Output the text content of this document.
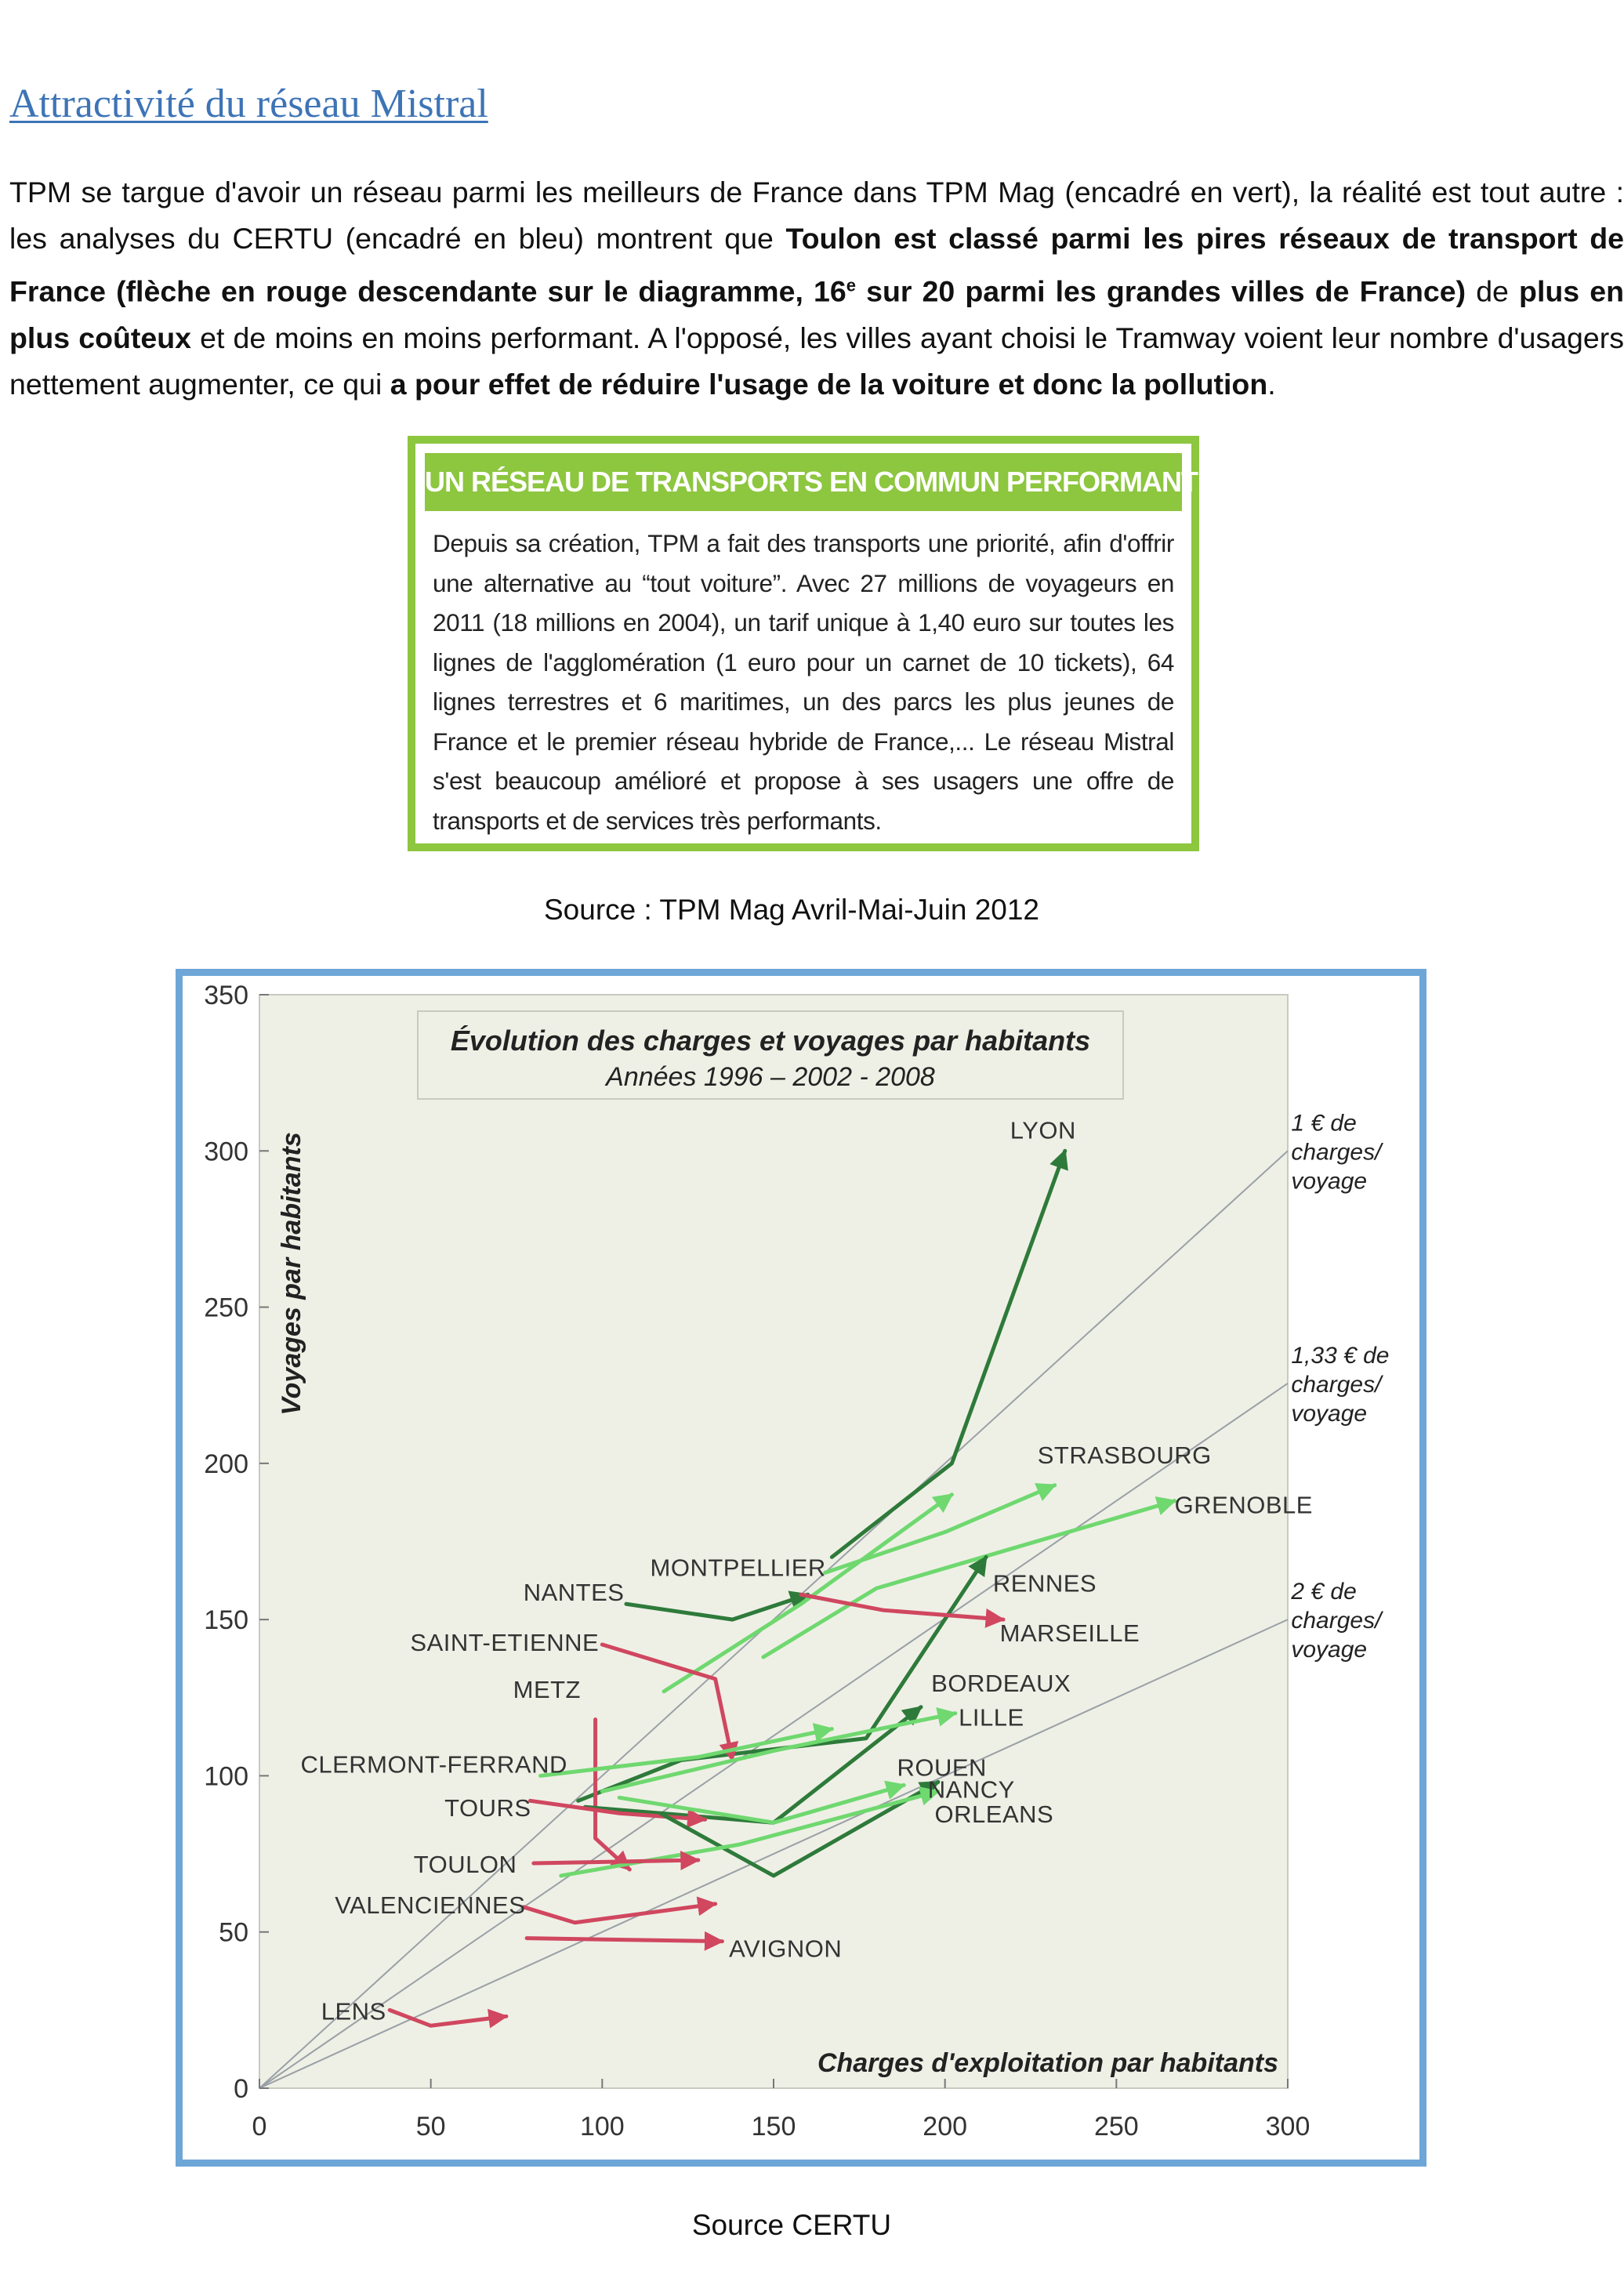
Attractivité du réseau Mistral

TPM se targue d'avoir un réseau parmi les meilleurs de France dans TPM Mag (encadré en vert), la réalité est tout autre : les analyses du CERTU (encadré en bleu) montrent que Toulon est classé parmi les pires réseaux de transport de France (flèche en rouge descendante sur le diagramme, 16e sur 20 parmi les grandes villes de France) de plus en plus coûteux et de moins en moins performant. A l'opposé, les villes ayant choisi le Tramway voient leur nombre d'usagers nettement augmenter, ce qui a pour effet de réduire l'usage de la voiture et donc la pollution.

UN RÉSEAU DE TRANSPORTS EN COMMUN PERFORMANT
Depuis sa création, TPM a fait des transports une priorité, afin d'offrir une alternative au “tout voiture”. Avec 27 millions de voyageurs en 2011 (18 millions en 2004), un tarif unique à 1,40 euro sur toutes les lignes de l'agglomération (1 euro pour un carnet de 10 tickets), 64 lignes terrestres et 6 maritimes, un des parcs les plus jeunes de France et le premier réseau hybride de France,... Le réseau Mistral s'est beaucoup amélioré et propose à ses usagers une offre de transports et de services très performants.

Source : TPM Mag Avril-Mai-Juin 2012

0	50	100	150	200	250	300
0
50
100
150
200
250
300
350
Charges d'exploitation par habitants
Voyages par habitants
Évolution des charges et voyages par habitants
Années 1996 – 2002 - 2008
LYON
STRASBOURG
GRENOBLE
MONTPELLIER
NANTES	RENNES
MARSEILLE
SAINT-ETIENNE
METZ	BORDEAUX
LILLE
CLERMONT-FERRAND	ROUEN
NANCY
TOURS	ORLEANS
TOULON
VALENCIENNES
AVIGNON
LENS
1 € de charges/ voyage
1,33 € de charges/ voyage
2 € de charges/ voyage

Source CERTU
